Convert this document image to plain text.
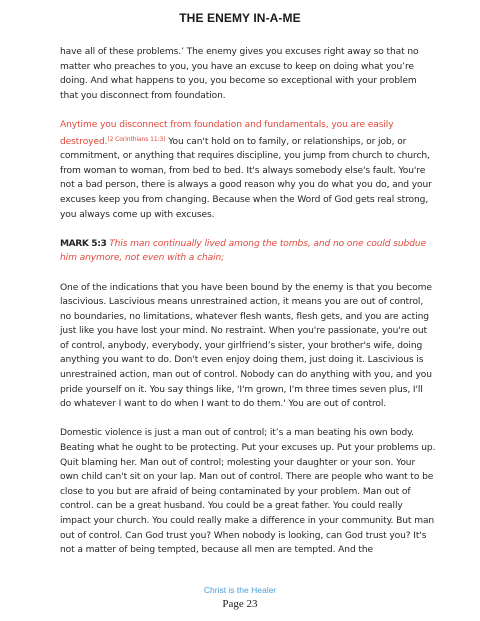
THE ENEMY IN-A-ME

have all of these problems.’ The enemy gives you excuses right away so that no matter who preaches to you, you have an excuse to keep on doing what you’re doing. And what happens to you, you become so exceptional with your problem that you disconnect from foundation.

Anytime you disconnect from foundation and fundamentals, you are easily destroyed.$^{(2 Corinthians 11:3)}$ You can't hold on to family, or relationships, or job, or commitment, or anything that requires discipline, you jump from church to church, from woman to woman, from bed to bed. It's always somebody else's fault. You're not a bad person, there is always a good reason why you do what you do, and your excuses keep you from changing. Because when the Word of God gets real strong, you always come up with excuses.

MARK 5:3 This man continually lived among the tombs, and no one could subdue him anymore, not even with a chain;

One of the indications that you have been bound by the enemy is that you become lascivious. Lascivious means unrestrained action, it means you are out of control, no boundaries, no limitations, whatever flesh wants, flesh gets, and you are acting just like you have lost your mind. No restraint. When you're passionate, you're out of control, anybody, everybody, your girlfriend’s sister, your brother's wife, doing anything you want to do. Don't even enjoy doing them, just doing it. Lascivious is unrestrained action, man out of control. Nobody can do anything with you, and you pride yourself on it. You say things like, 'I'm grown, I'm three times seven plus, I'll do whatever I want to do when I want to do them.' You are out of control.

Domestic violence is just a man out of control; it’s a man beating his own body. Beating what he ought to be protecting. Put your excuses up. Put your problems up. Quit blaming her. Man out of control; molesting your daughter or your son. Your own child can't sit on your lap. Man out of control. There are people who want to be close to you but are afraid of being contaminated by your problem. Man out of control. can be a great husband. You could be a great father. You could really impact your church. You could really make a difference in your community. But man out of control. Can God trust you? When nobody is looking, can God trust you? It's not a matter of being tempted, because all men are tempted. And the

Christ is the Healer
Page 23
